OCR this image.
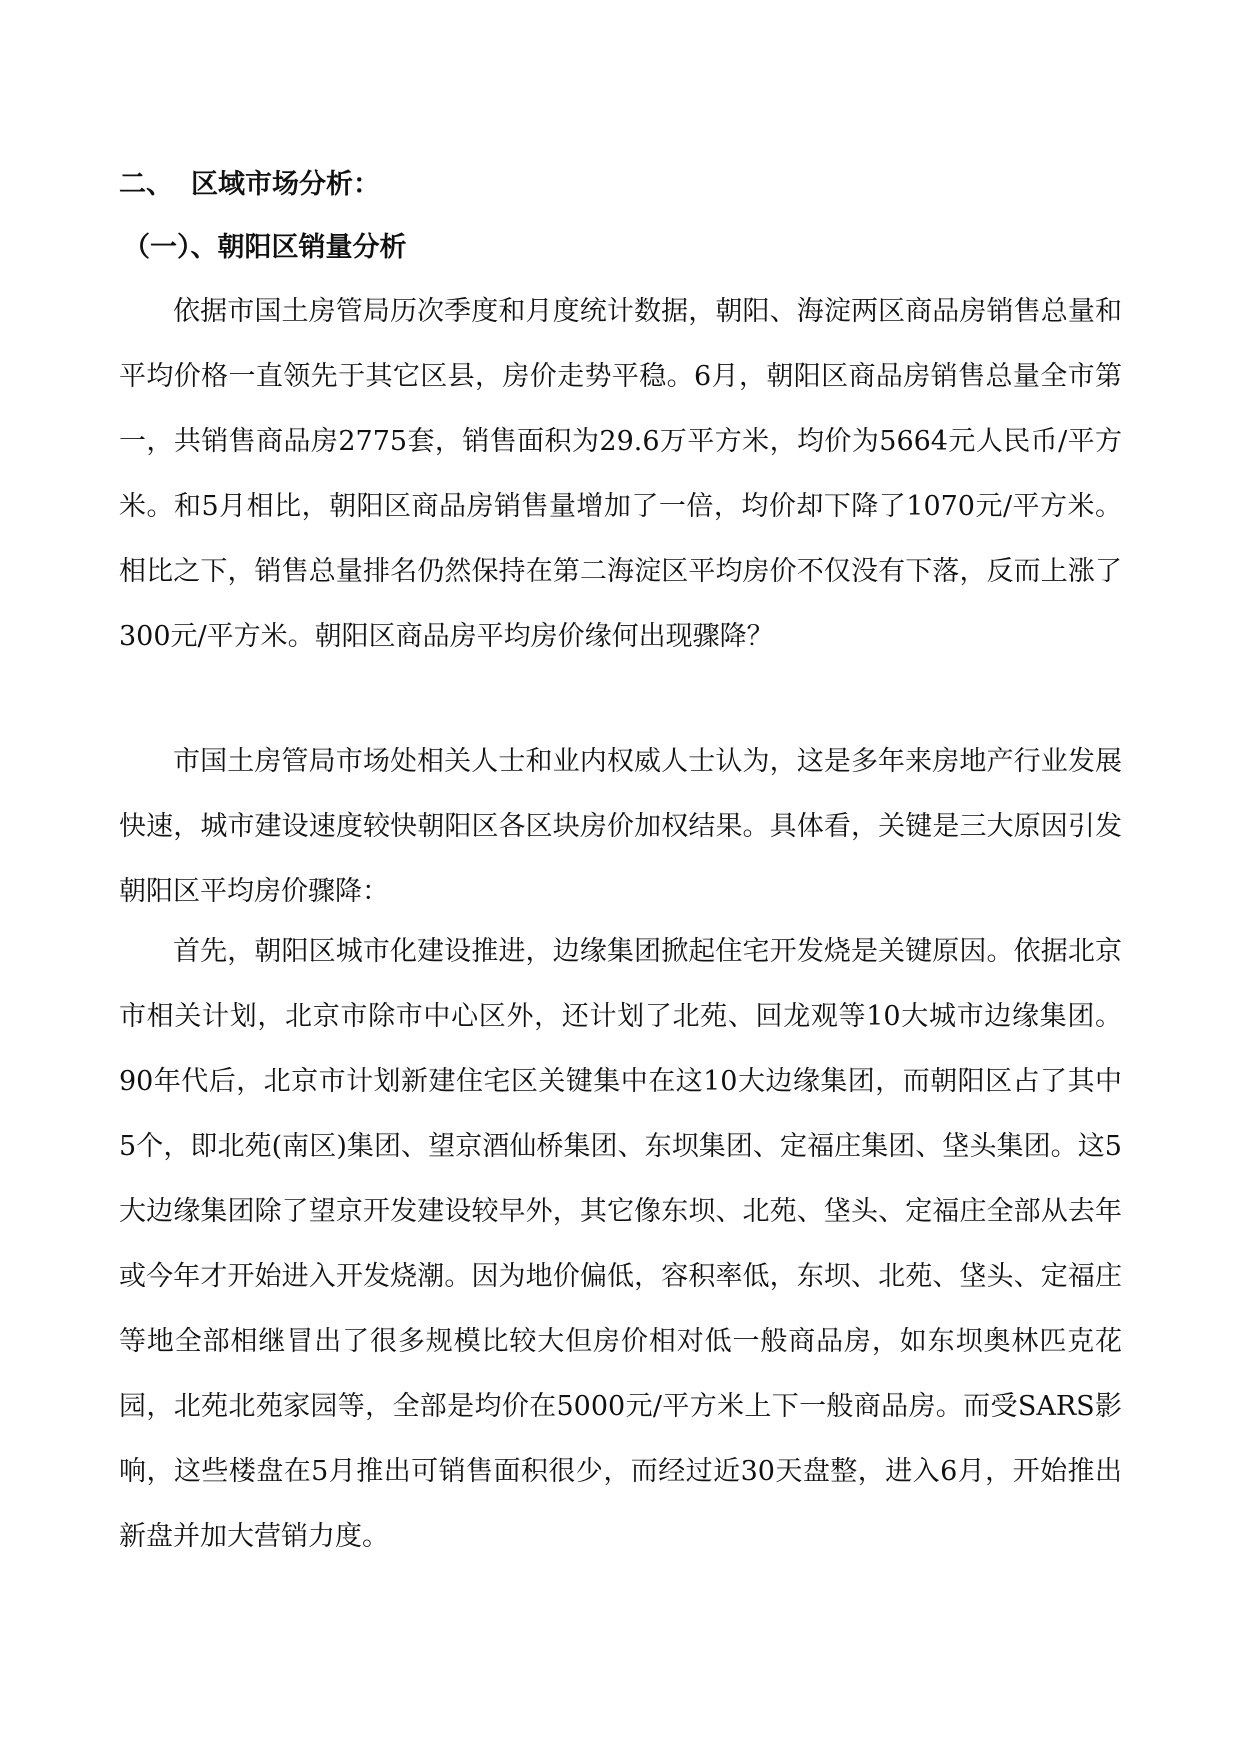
二、 区域市场分析：
（一）、朝阳区销量分析

依据市国土房管局历次季度和月度统计数据，朝阳、海淀两区商品房销售总量和平均价格一直领先于其它区县，房价走势平稳。6月，朝阳区商品房销售总量全市第一，共销售商品房2775套，销售面积为29.6万平方米，均价为5664元人民币/平方米。和5月相比，朝阳区商品房销售量增加了一倍，均价却下降了1070元/平方米。相比之下，销售总量排名仍然保持在第二海淀区平均房价不仅没有下落，反而上涨了300元/平方米。朝阳区商品房平均房价缘何出现骤降？

市国土房管局市场处相关人士和业内权威人士认为，这是多年来房地产行业发展快速，城市建设速度较快朝阳区各区块房价加权结果。具体看，关键是三大原因引发朝阳区平均房价骤降：

首先，朝阳区城市化建设推进，边缘集团掀起住宅开发烧是关键原因。依据北京市相关计划，北京市除市中心区外，还计划了北苑、回龙观等10大城市边缘集团。90年代后，北京市计划新建住宅区关键集中在这10大边缘集团，而朝阳区占了其中5个，即北苑(南区)集团、望京酒仙桥集团、东坝集团、定福庄集团、垡头集团。这5大边缘集团除了望京开发建设较早外，其它像东坝、北苑、垡头、定福庄全部从去年或今年才开始进入开发烧潮。因为地价偏低，容积率低，东坝、北苑、垡头、定福庄等地全部相继冒出了很多规模比较大但房价相对低一般商品房，如东坝奥林匹克花园，北苑北苑家园等，全部是均价在5000元/平方米上下一般商品房。而受SARS影响，这些楼盘在5月推出可销售面积很少，而经过近30天盘整，进入6月，开始推出新盘并加大营销力度。
